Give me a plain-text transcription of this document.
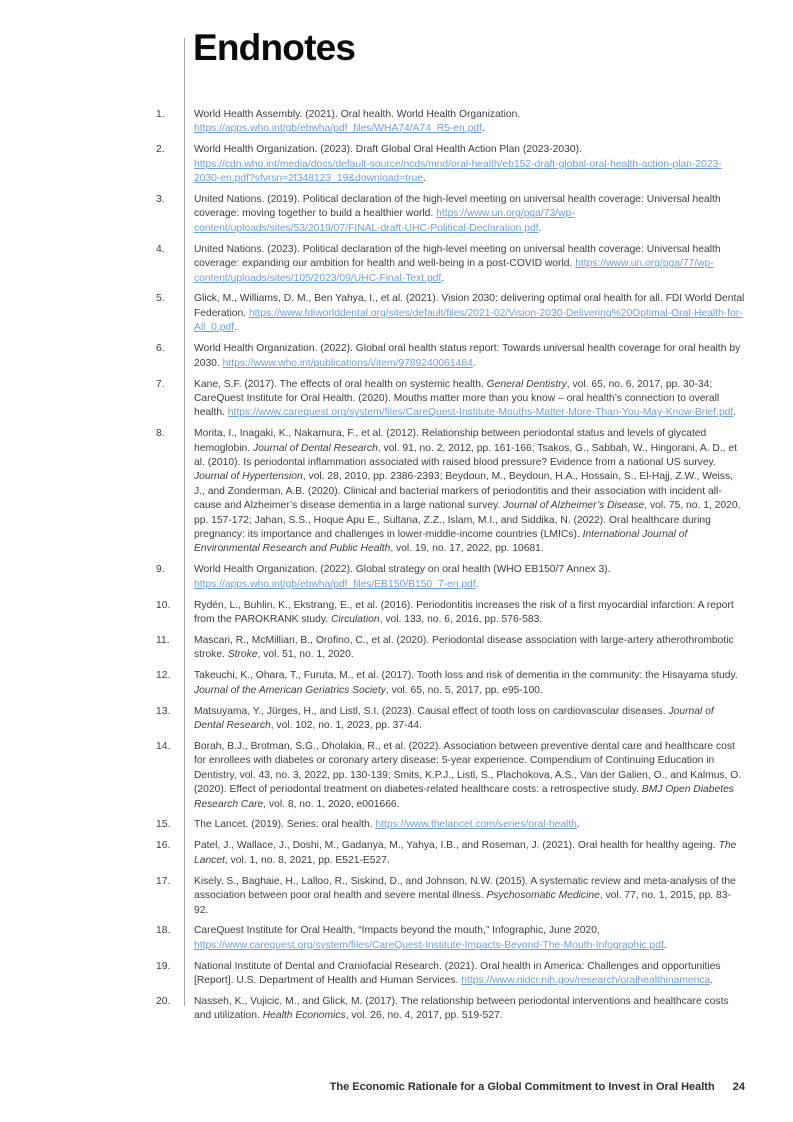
Endnotes
1.	World Health Assembly. (2021). Oral health. World Health Organization. https://apps.who.int/gb/ebwha/pdf_files/WHA74/A74_R5-en.pdf.
2.	World Health Organization. (2023). Draft Global Oral Health Action Plan (2023-2030). https://cdn.who.int/media/docs/default-source/ncds/mnd/oral-health/eb152-draft-global-oral-health-action-plan-2023-2030-en.pdf?sfvrsn=2f348123_19&download=true.
3.	United Nations. (2019). Political declaration of the high-level meeting on universal health coverage: Universal health coverage: moving together to build a healthier world. https://www.un.org/pga/73/wp-content/uploads/sites/53/2019/07/FINAL-draft-UHC-Political-Declaration.pdf.
4.	United Nations. (2023). Political declaration of the high-level meeting on universal health coverage: Universal health coverage: expanding our ambition for health and well-being in a post-COVID world. https://www.un.org/pga/77/wp-content/uploads/sites/105/2023/09/UHC-Final-Text.pdf.
5.	Glick, M., Williams, D. M., Ben Yahya, I., et al. (2021). Vision 2030: delivering optimal oral health for all. FDI World Dental Federation. https://www.fdiworlddental.org/sites/default/files/2021-02/Vision-2030-Delivering%20Optimal-Oral-Health-for-All_0.pdf.
6.	World Health Organization. (2022). Global oral health status report: Towards universal health coverage for oral health by 2030. https://www.who.int/publications/i/item/9789240061484.
7.	Kane, S.F. (2017). The effects of oral health on systemic health. General Dentistry, vol. 65, no. 6, 2017, pp. 30-34; CareQuest Institute for Oral Health. (2020). Mouths matter more than you know – oral health’s connection to overall health. https://www.carequest.org/system/files/CareQuest-Institute-Mouths-Matter-More-Than-You-May-Know-Brief.pdf.
8.	Morita, I., Inagaki, K., Nakamura, F., et al. (2012). Relationship between periodontal status and levels of glycated hemoglobin. Journal of Dental Research, vol. 91, no. 2, 2012, pp. 161-166; Tsakos, G., Sabbah, W., Hingorani, A. D., et al. (2010). Is periodontal inflammation associated with raised blood pressure? Evidence from a national US survey. Journal of Hypertension, vol. 28, 2010, pp. 2386-2393; Beydoun, M., Beydoun, H.A., Hossain, S., El-Hajj, Z.W., Weiss, J., and Zonderman, A.B. (2020). Clinical and bacterial markers of periodontitis and their association with incident all-cause and Alzheimer’s disease dementia in a large national survey. Journal of Alzheimer’s Disease, vol. 75, no. 1, 2020, pp. 157-172; Jahan, S.S., Hoque Apu E., Sultana, Z.Z., Islam, M.I., and Siddika, N. (2022). Oral healthcare during pregnancy: its importance and challenges in lower-middle-income countries (LMICs). International Journal of Environmental Research and Public Health, vol. 19, no. 17, 2022, pp. 10681.
9.	World Health Organization. (2022). Global strategy on oral health (WHO EB150/7 Annex 3). https://apps.who.int/gb/ebwha/pdf_files/EB150/B150_7-en.pdf.
10.	Rydén, L., Buhlin, K., Ekstrang, E., et al. (2016). Periodontitis increases the risk of a first myocardial infarction: A report from the PAROKRANK study. Circulation, vol. 133, no. 6, 2016, pp. 576-583.
11.	Mascari, R., McMillian, B., Orofino, C., et al. (2020). Periodontal disease association with large-artery atherothrombotic stroke. Stroke, vol. 51, no. 1, 2020.
12.	Takeuchi, K., Ohara, T., Furuta, M., et al. (2017). Tooth loss and risk of dementia in the community: the Hisayama study. Journal of the American Geriatrics Society, vol. 65, no. 5, 2017, pp. e95-100.
13.	Matsuyama, Y., Jürges, H., and Listl, S.I. (2023). Causal effect of tooth loss on cardiovascular diseases. Journal of Dental Research, vol. 102, no. 1, 2023, pp. 37-44.
14.	Borah, B.J., Brotman, S.G., Dholakia, R., et al. (2022). Association between preventive dental care and healthcare cost for enrollees with diabetes or coronary artery disease: 5-year experience. Compendium of Continuing Education in Dentistry, vol. 43, no. 3, 2022, pp. 130-139; Smits, K.P.J., Listl, S., Plachokova, A.S., Van der Galien, O., and Kalmus, O. (2020). Effect of periodontal treatment on diabetes-related healthcare costs: a retrospective study. BMJ Open Diabetes Research Care, vol. 8, no. 1, 2020, e001666.
15.	The Lancet. (2019). Series: oral health. https://www.thelancet.com/series/oral-health.
16.	Patel, J., Wallace, J., Doshi, M., Gadanya, M., Yahya, I.B., and Roseman, J. (2021). Oral health for healthy ageing. The Lancet, vol. 1, no. 8, 2021, pp. E521-E527.
17.	Kisely, S., Baghaie, H., Lalloo, R., Siskind, D., and Johnson, N.W. (2015). A systematic review and meta-analysis of the association between poor oral health and severe mental illness. Psychosomatic Medicine, vol. 77, no. 1, 2015, pp. 83-92.
18.	CareQuest Institute for Oral Health, “Impacts beyond the mouth,” Infographic, June 2020, https://www.carequest.org/system/files/CareQuest-Institute-Impacts-Beyond-The-Mouth-Infographic.pdf.
19.	National Institute of Dental and Craniofacial Research. (2021). Oral health in America: Challenges and opportunities [Report]. U.S. Department of Health and Human Services. https://www.nidcr.nih.gov/research/oralhealthinamerica.
20.	Nasseh, K., Vujicic, M., and Glick, M. (2017). The relationship between periodontal interventions and healthcare costs and utilization. Health Economics, vol. 26, no. 4, 2017, pp. 519-527.
The Economic Rationale for a Global Commitment to Invest in Oral Health 24
